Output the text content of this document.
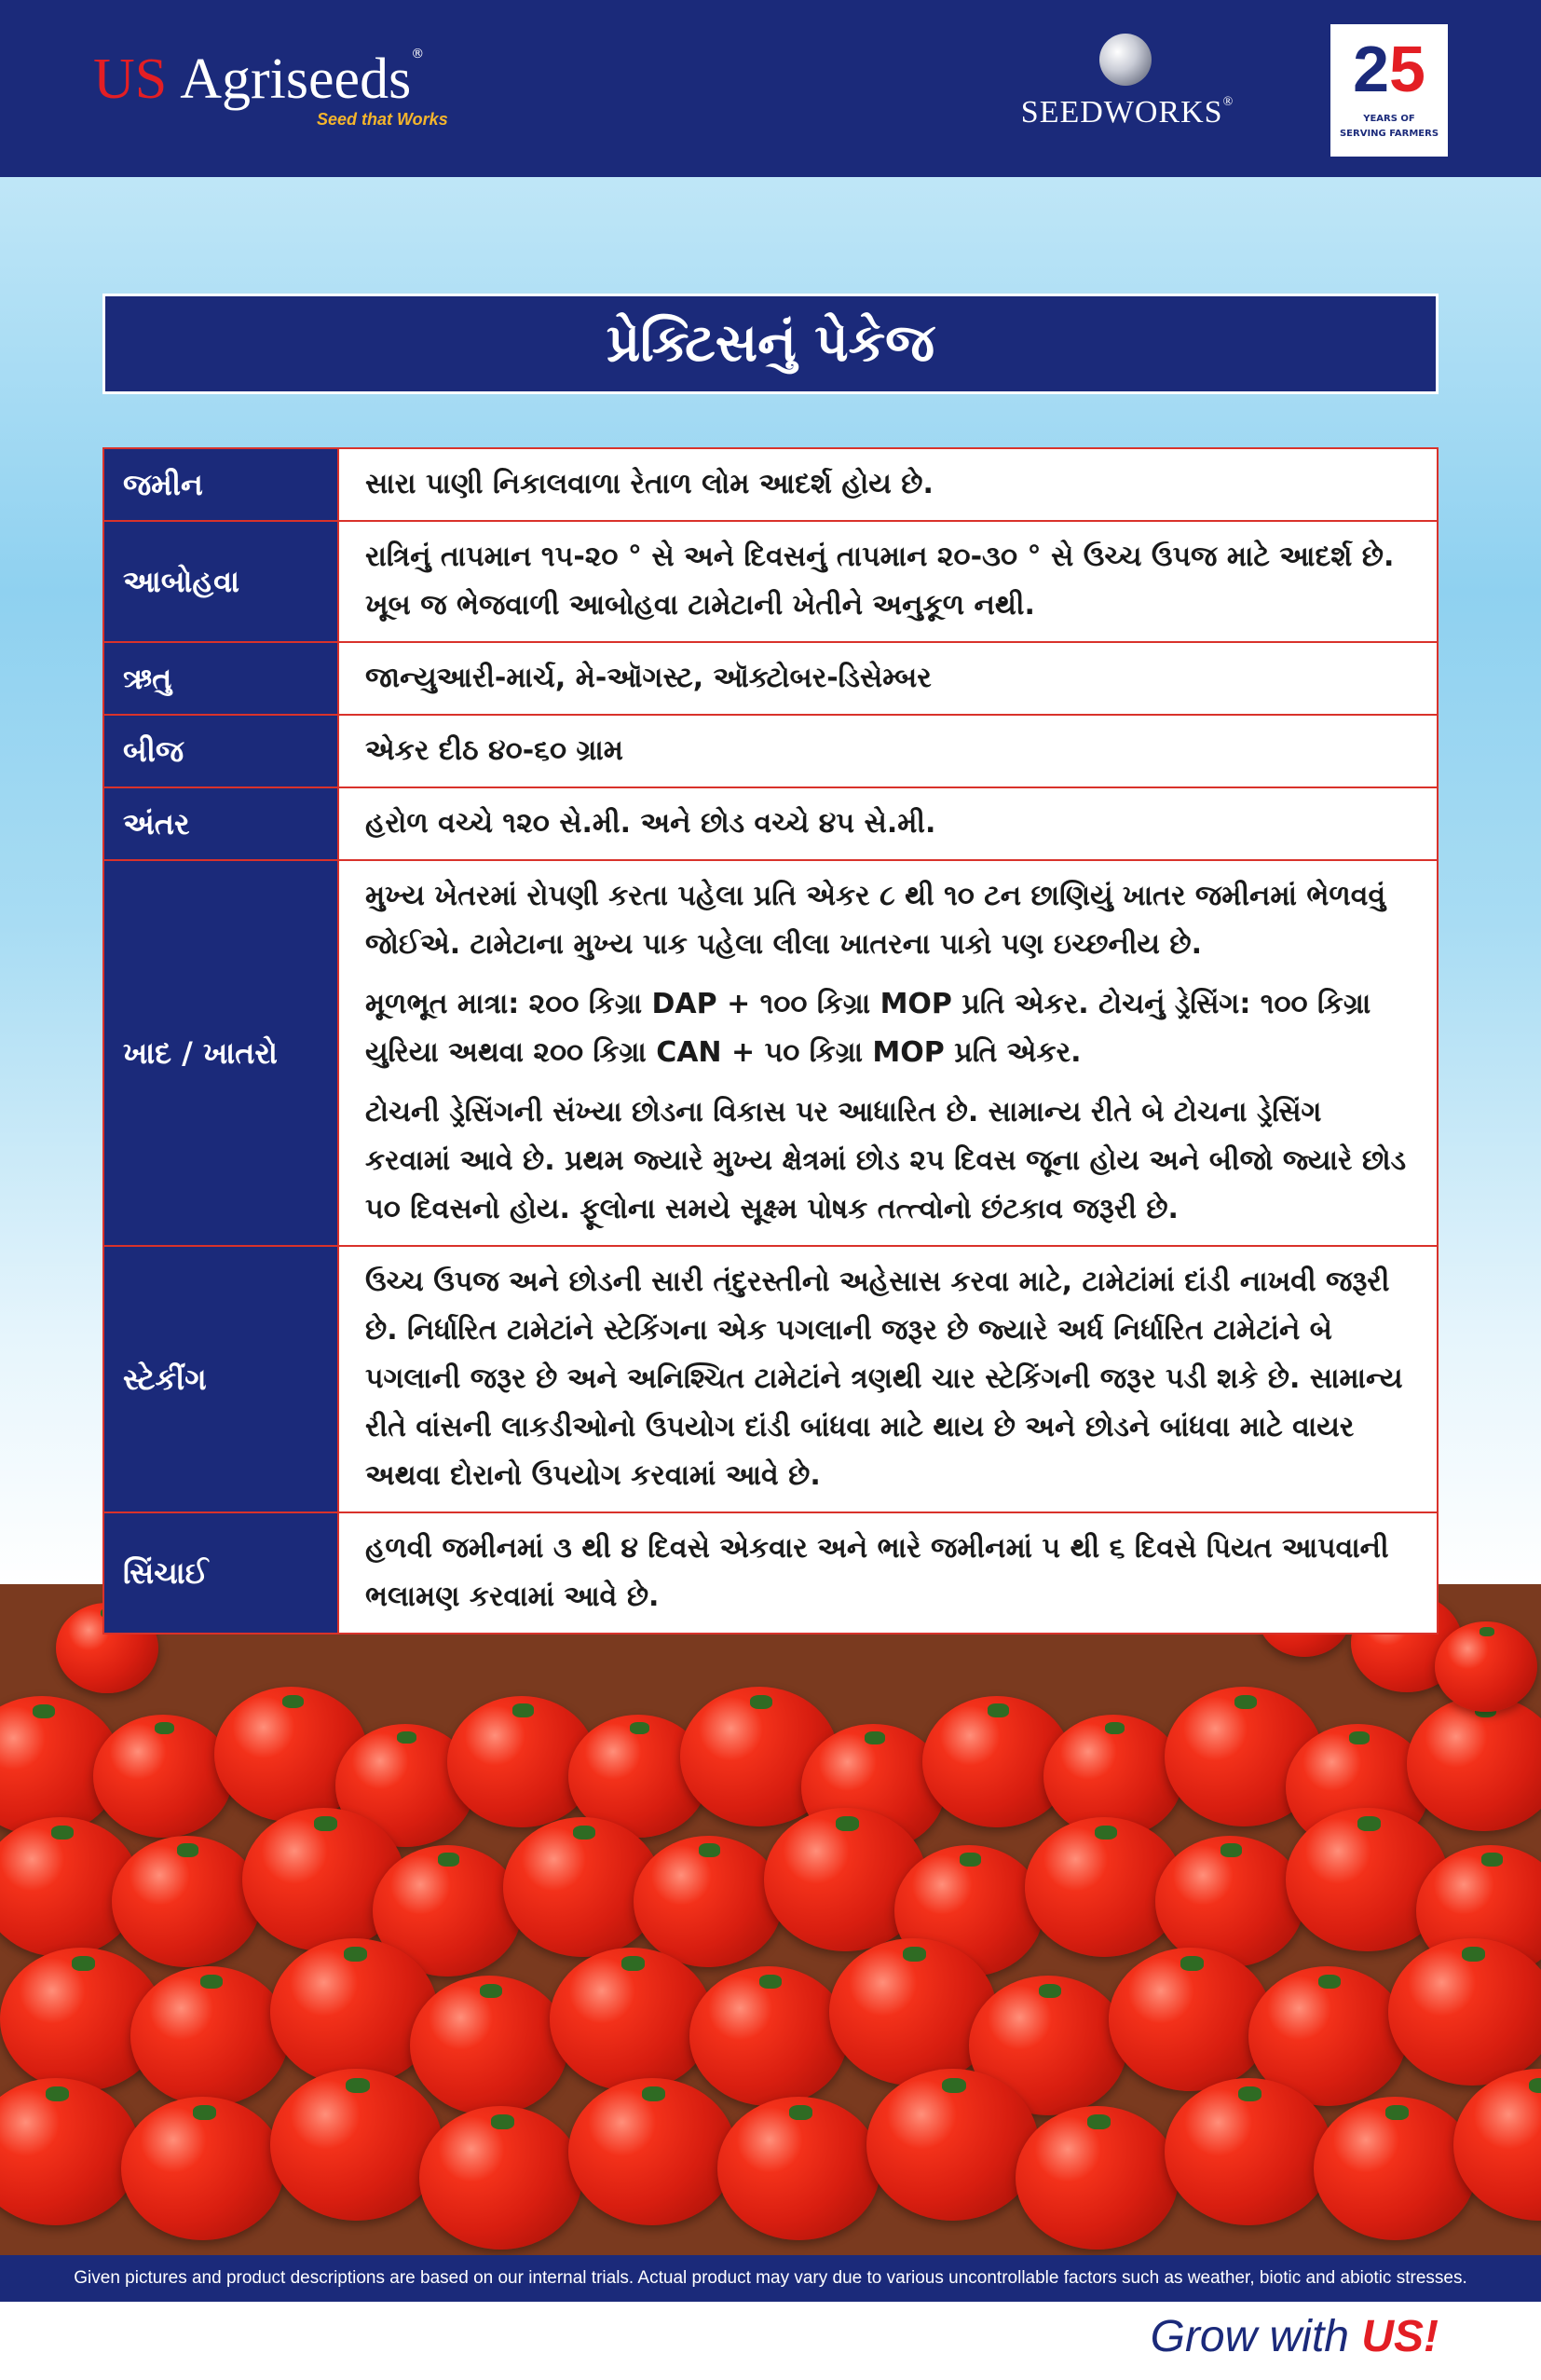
US Agriseeds®
Seed that Works	SEEDWORKS®	25
YEARS OF
SERVING FARMERS
પ્રેક્ટિસનું પેકેજ
જમીન	સારા પાણી નિકાલવાળા રેતાળ લોમ આદર્શ હોય છે.

આબોહવા

રાત્રિનું તાપમાન ૧૫-૨૦ ° સે અને દિવસનું તાપમાન ૨૦-૩૦ ° સે ઉચ્ચ ઉપજ માટે આદર્શ છે. ખૂબ જ ભેજવાળી આબોહવા ટામેટાની ખેતીને અનુકૂળ નથી.

ઋતુ	જાન્યુઆરી-માર્ચ, મે-ઑગસ્ટ, ઑક્ટોબર-ડિસેમ્બર

બીજ	એકર દીઠ ૪૦-૬૦ ગ્રામ

અંતર	હરોળ વચ્ચે ૧૨૦ સે.મી. અને છોડ વચ્ચે ૪૫ સે.મી.

ખાદ / ખાતરો

મુખ્ય ખેતરમાં રોપણી કરતા પહેલા પ્રતિ એકર ૮ થી ૧૦ ટન છાણિયું ખાતર જમીનમાં ભેળવવું જોઈએ. ટામેટાના મુખ્ય પાક પહેલા લીલા ખાતરના પાકો પણ ઇચ્છનીય છે.

મૂળભૂત માત્રા: ૨૦૦ કિગ્રા DAP + ૧૦૦ કિગ્રા MOP પ્રતિ એકર. ટોચનું ડ્રેસિંગ: ૧૦૦ કિગ્રા યુરિયા અથવા ૨૦૦ કિગ્રા CAN + ૫૦ કિગ્રા MOP પ્રતિ એકર.

ટોચની ડ્રેસિંગની સંખ્યા છોડના વિકાસ પર આધારિત છે. સામાન્ય રીતે બે ટોચના ડ્રેસિંગ કરવામાં આવે છે. પ્રથમ જ્યારે મુખ્ય ક્ષેત્રમાં છોડ ૨૫ દિવસ જૂના હોય અને બીજો જ્યારે છોડ ૫૦ દિવસનો હોય. ફૂલોના સમયે સૂક્ષ્મ પોષક તત્ત્વોનો છંટકાવ જરૂરી છે.

સ્ટેકીંગ

ઉચ્ચ ઉપજ અને છોડની સારી તંદુરસ્તીનો અહેસાસ કરવા માટે, ટામેટાંમાં દાંડી નાખવી જરૂરી છે. નિર્ધારિત ટામેટાંને સ્ટેકિંગના એક પગલાની જરૂર છે જ્યારે અર્ધ નિર્ધારિત ટામેટાંને બે પગલાની જરૂર છે અને અનિશ્ચિત ટામેટાંને ત્રણથી ચાર સ્ટેકિંગની જરૂર પડી શકે છે. સામાન્ય રીતે વાંસની લાકડીઓનો ઉપયોગ દાંડી બાંધવા માટે થાય છે અને છોડને બાંધવા માટે વાયર અથવા દોરાનો ઉપયોગ કરવામાં આવે છે.

સિંચાઈ

હળવી જમીનમાં ૩ થી ૪ દિવસે એકવાર અને ભારે જમીનમાં ૫ થી ૬ દિવસે પિયત આપવાની ભલામણ કરવામાં આવે છે.

Given pictures and product descriptions are based on our internal trials. Actual product may vary due to various uncontrollable factors such as weather, biotic and abiotic stresses.
Grow with US!
